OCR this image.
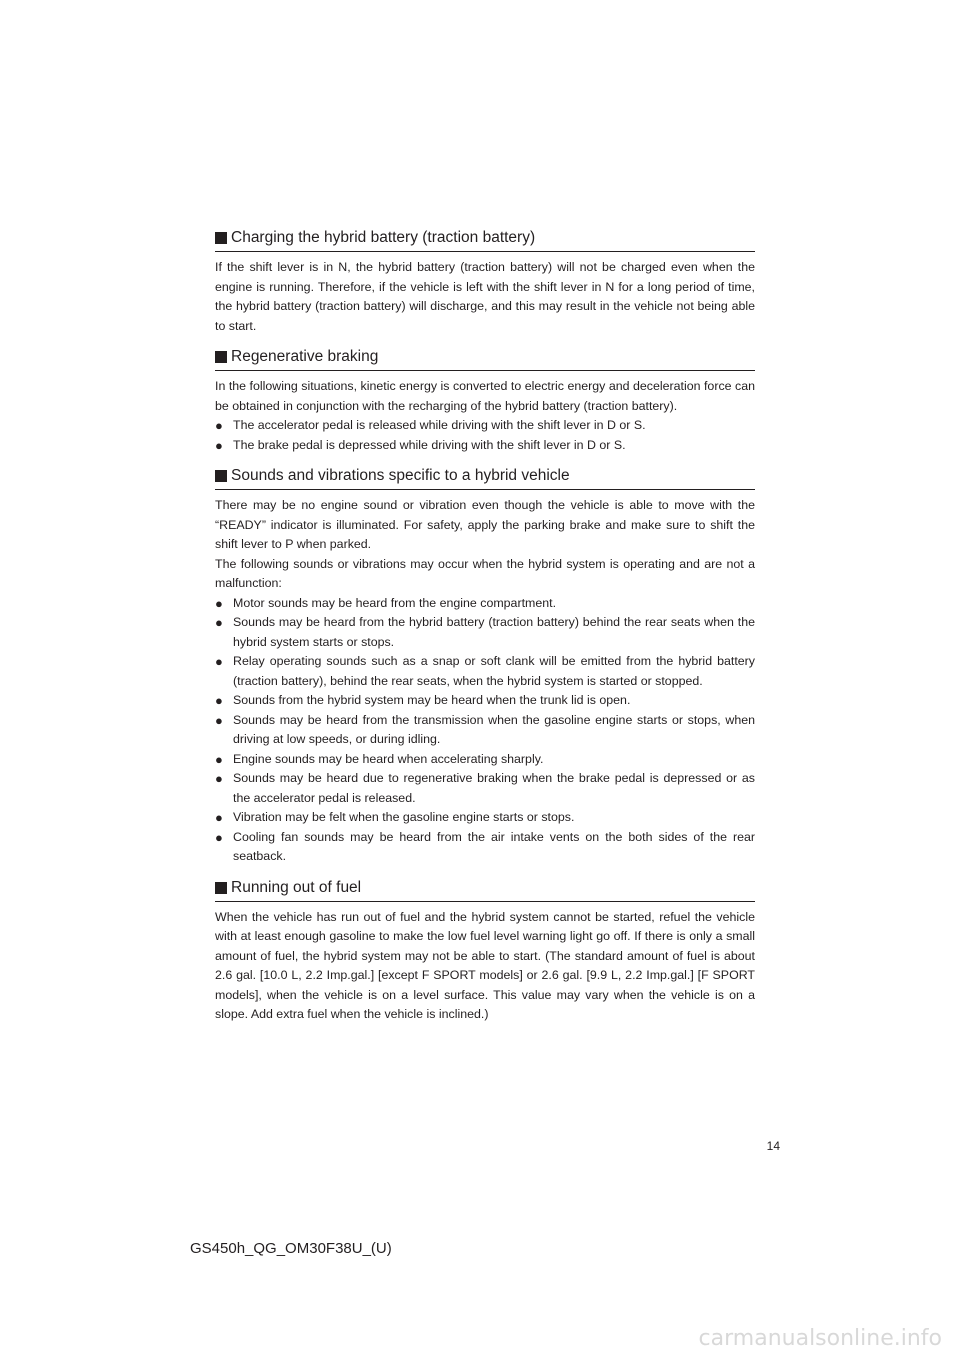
Charging the hybrid battery (traction battery)

If the shift lever is in N, the hybrid battery (traction battery) will not be charged even when the engine is running. Therefore, if the vehicle is left with the shift lever in N for a long period of time, the hybrid battery (traction battery) will discharge, and this may result in the vehicle not being able to start.

Regenerative braking

In the following situations, kinetic energy is converted to electric energy and deceleration force can be obtained in conjunction with the recharging of the hybrid battery (traction battery).

● The accelerator pedal is released while driving with the shift lever in D or S.
● The brake pedal is depressed while driving with the shift lever in D or S.
Sounds and vibrations specific to a hybrid vehicle

There may be no engine sound or vibration even though the vehicle is able to move with the “READY” indicator is illuminated. For safety, apply the parking brake and make sure to shift the shift lever to P when parked.

The following sounds or vibrations may occur when the hybrid system is operating and are not a malfunction:

● Motor sounds may be heard from the engine compartment.
● Sounds may be heard from the hybrid battery (traction battery) behind the rear seats when the hybrid system starts or stops.
● Relay operating sounds such as a snap or soft clank will be emitted from the hybrid battery (traction battery), behind the rear seats, when the hybrid system is started or stopped.
● Sounds from the hybrid system may be heard when the trunk lid is open.
● Sounds may be heard from the transmission when the gasoline engine starts or stops, when driving at low speeds, or during idling.
● Engine sounds may be heard when accelerating sharply.
● Sounds may be heard due to regenerative braking when the brake pedal is depressed or as the accelerator pedal is released.
● Vibration may be felt when the gasoline engine starts or stops.
● Cooling fan sounds may be heard from the air intake vents on the both sides of the rear seatback.
Running out of fuel

When the vehicle has run out of fuel and the hybrid system cannot be started, refuel the vehicle with at least enough gasoline to make the low fuel level warning light go off. If there is only a small amount of fuel, the hybrid system may not be able to start. (The standard amount of fuel is about 2.6 gal. [10.0 L, 2.2 Imp.gal.] [except F SPORT models] or 2.6 gal. [9.9 L, 2.2 Imp.gal.] [F SPORT models], when the vehicle is on a level surface. This value may vary when the vehicle is on a slope. Add extra fuel when the vehicle is inclined.)

14
GS450h_QG_OM30F38U_(U)
carmanualsonline.info
